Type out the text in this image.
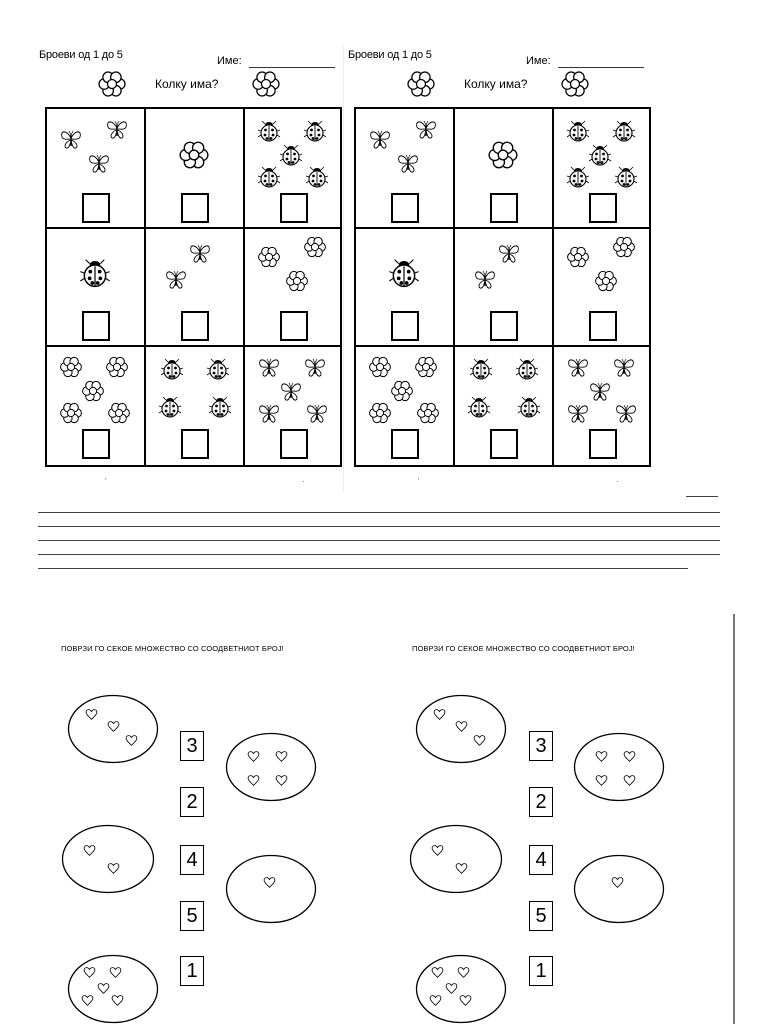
Броеви од 1 до 5	Име:
Колку има?
'	·
Броеви од 1 до 5	Име:
Колку има?
'	·
ПОВРЗИ ГО СЕКОЕ МНОЖЕСТВО СО СООДВЕТНИОТ БРОЈ!
3
2
4
5
1
ПОВРЗИ ГО СЕКОЕ МНОЖЕСТВО СО СООДВЕТНИОТ БРОЈ!
3
2
4
5
1
